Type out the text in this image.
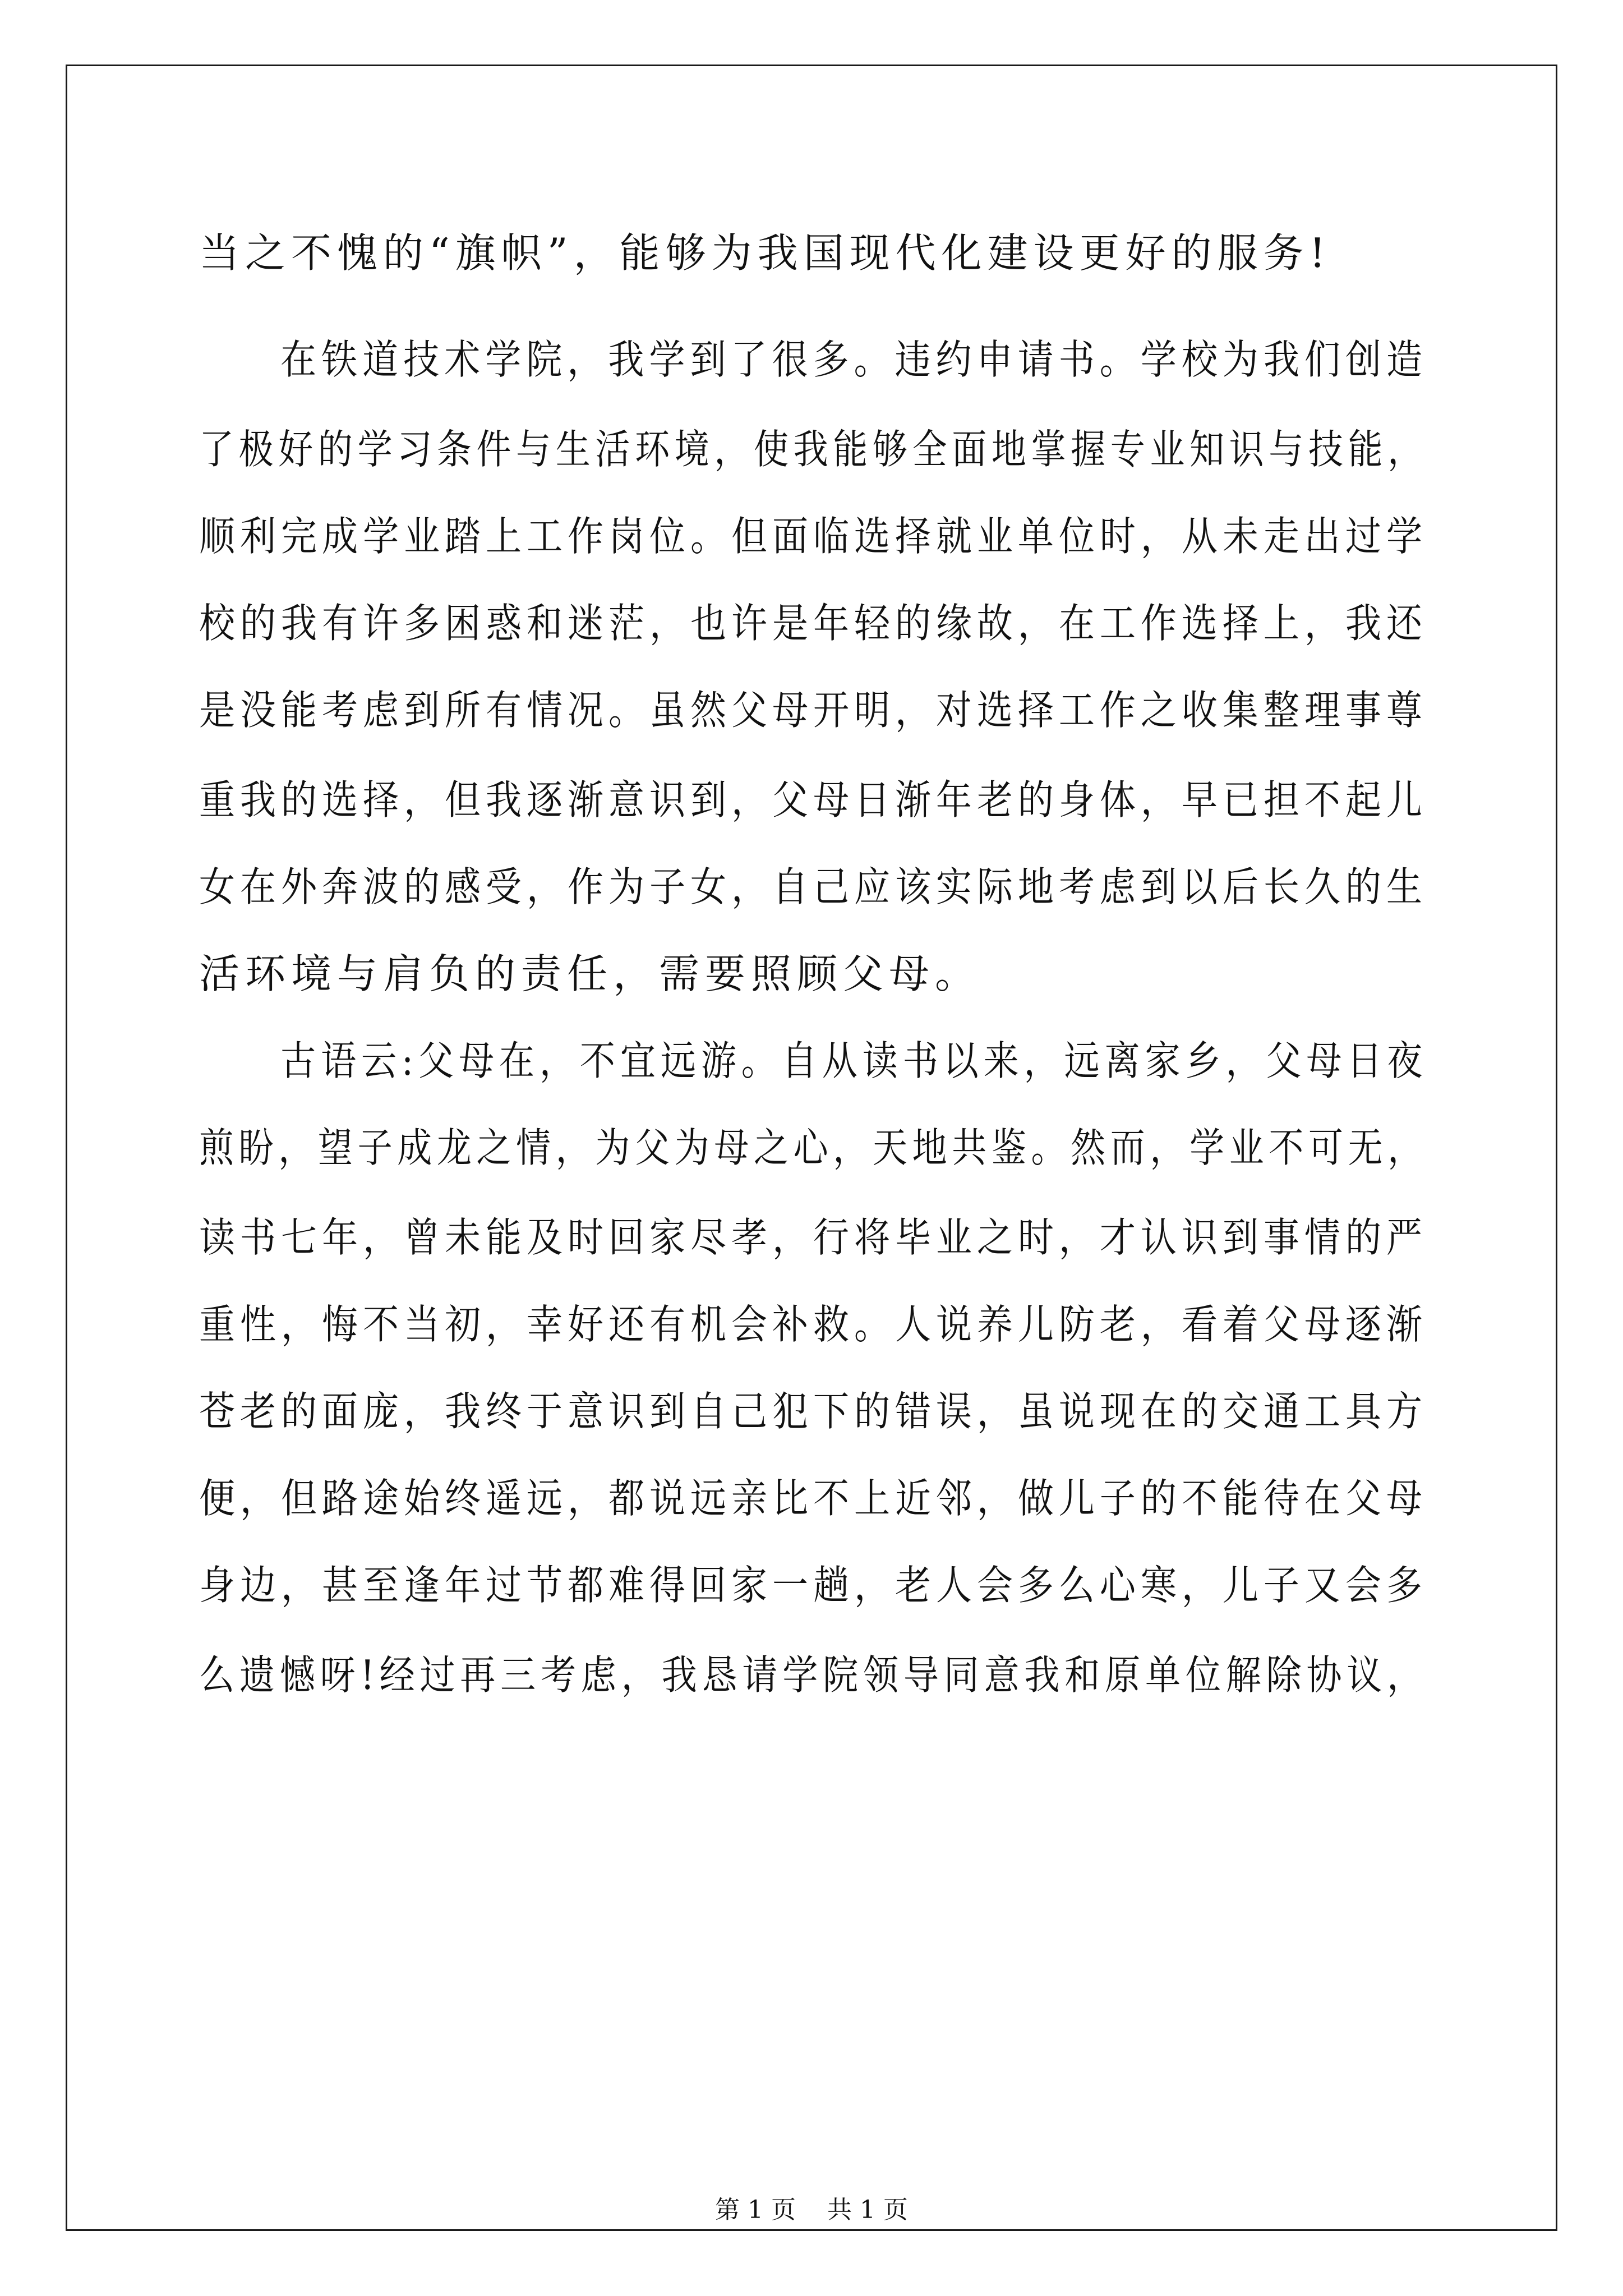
当之不愧的“旗帜”，能够为我国现代化建设更好的服务!
在铁道技术学院，我学到了很多。违约申请书。学校为我们创造
了极好的学习条件与生活环境，使我能够全面地掌握专业知识与技能，
顺利完成学业踏上工作岗位。但面临选择就业单位时，从未走出过学
校的我有许多困惑和迷茫，也许是年轻的缘故，在工作选择上，我还
是没能考虑到所有情况。虽然父母开明，对选择工作之收集整理事尊
重我的选择，但我逐渐意识到，父母日渐年老的身体，早已担不起儿
女在外奔波的感受，作为子女，自己应该实际地考虑到以后长久的生
活环境与肩负的责任，需要照顾父母。
古语云:父母在，不宜远游。自从读书以来，远离家乡，父母日夜
煎盼，望子成龙之情，为父为母之心，天地共鉴。然而，学业不可无，
读书七年，曾未能及时回家尽孝，行将毕业之时，才认识到事情的严
重性，悔不当初，幸好还有机会补救。人说养儿防老，看着父母逐渐
苍老的面庞，我终于意识到自己犯下的错误，虽说现在的交通工具方
便，但路途始终遥远，都说远亲比不上近邻，做儿子的不能待在父母
身边，甚至逢年过节都难得回家一趟，老人会多么心寒，儿子又会多
么遗憾呀!经过再三考虑，我恳请学院领导同意我和原单位解除协议，
第 1 页    共 1 页
